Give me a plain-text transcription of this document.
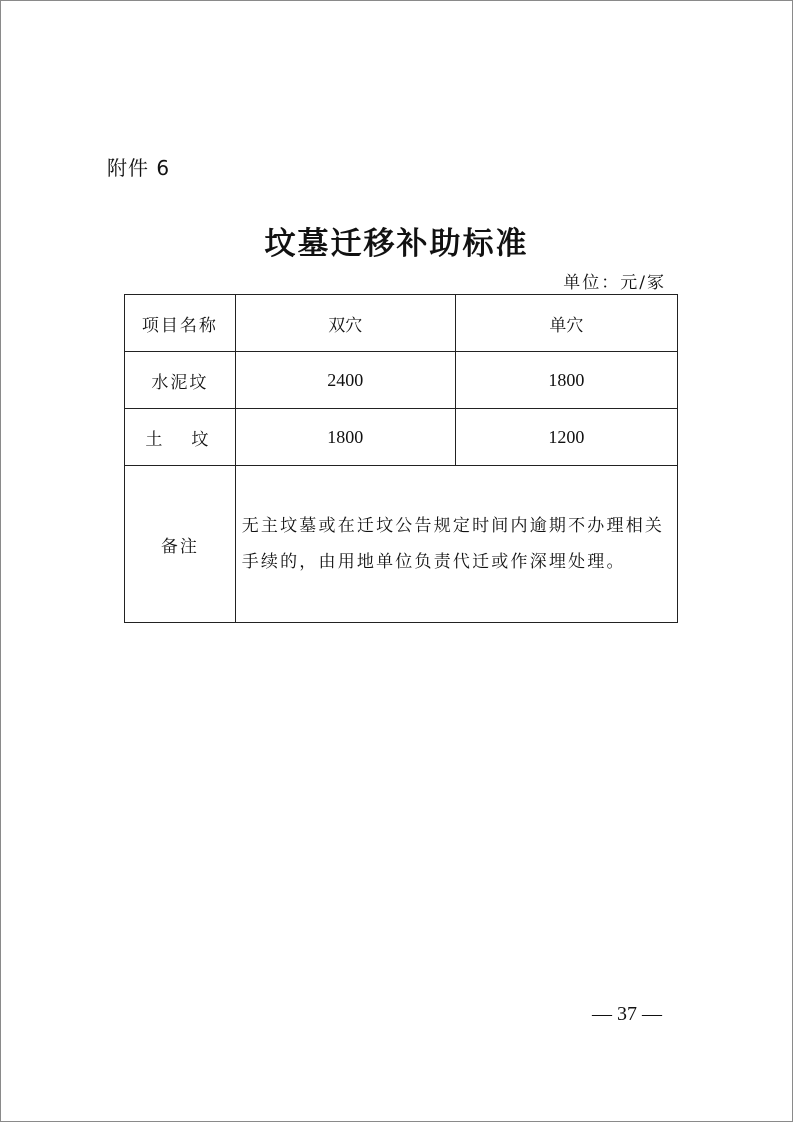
附件 6
坟墓迁移补助标准
单位：元/冢
项目名称	双穴	单穴
水泥坟	2400	1800
土　坟	1800	1200
备注	无主坟墓或在迁坟公告规定时间内逾期不办理相关手续的，由用地单位负责代迁或作深埋处理。	
— 37 —
